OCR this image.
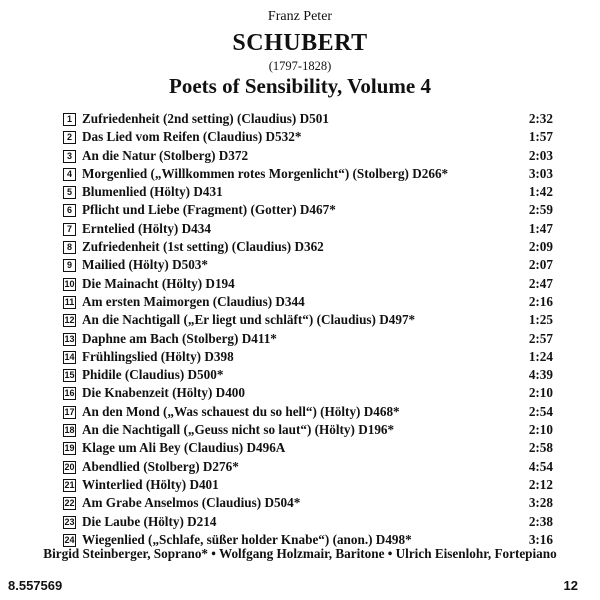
Franz Peter
SCHUBERT
(1797-1828)
Poets of Sensibility, Volume 4
1 Zufriedenheit (2nd setting) (Claudius) D501	2:32
2 Das Lied vom Reifen (Claudius) D532*	1:57
3 An die Natur (Stolberg) D372	2:03
4 Morgenlied („Willkommen rotes Morgenlicht“) (Stolberg) D266*	3:03
5 Blumenlied (Hölty) D431	1:42
6 Pflicht und Liebe (Fragment) (Gotter) D467*	2:59
7 Erntelied (Hölty) D434	1:47
8 Zufriedenheit (1st setting) (Claudius) D362	2:09
9 Mailied (Hölty) D503*	2:07
10 Die Mainacht (Hölty) D194	2:47
11 Am ersten Maimorgen (Claudius) D344	2:16
12 An die Nachtigall („Er liegt und schläft“) (Claudius) D497*	1:25
13 Daphne am Bach (Stolberg) D411*	2:57
14 Frühlingslied (Hölty) D398	1:24
15 Phidile (Claudius) D500*	4:39
16 Die Knabenzeit (Hölty) D400	2:10
17 An den Mond („Was schauest du so hell“) (Hölty) D468*	2:54
18 An die Nachtigall („Geuss nicht so laut“) (Hölty) D196*	2:10
19 Klage um Ali Bey (Claudius) D496A	2:58
20 Abendlied (Stolberg) D276*	4:54
21 Winterlied (Hölty) D401	2:12
22 Am Grabe Anselmos (Claudius) D504*	3:28
23 Die Laube (Hölty) D214	2:38
24 Wiegenlied („Schlafe, süßer holder Knabe“) (anon.) D498*	3:16
Birgid Steinberger, Soprano* • Wolfgang Holzmair, Baritone • Ulrich Eisenlohr, Fortepiano
8.557569	12
